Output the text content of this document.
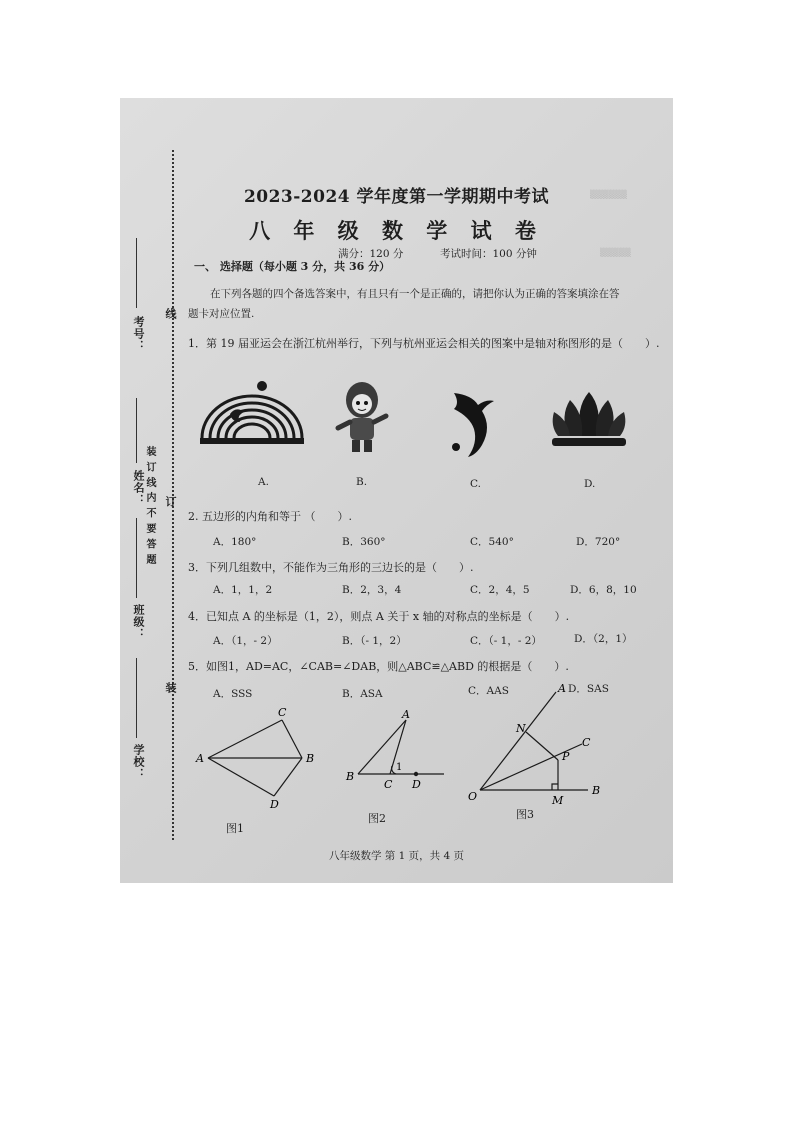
考号：
姓名：
班级：
学校：
装 订 线 内 不 要 答 题
线
订
装
▒▒▒▒▒▒
▒▒▒▒▒
2023-2024 学年度第一学期期中考试
八 年 级 数 学 试 卷
满分：120 分	考试时间：100 分钟
一、 选择题（每小题 3 分，共 36 分）
在下列各题的四个备选答案中，有且只有一个是正确的，请把你认为正确的答案填涂在答
题卡对应位置.
1．第 19 届亚运会在浙江杭州举行，下列与杭州亚运会相关的图案中是轴对称图形的是（　　）.
A.	B.	C.	D.
2. 五边形的内角和等于 （　　）.
A．180°	B．360°	C．540°	D．720°
3．下列几组数中，不能作为三角形的三边长的是（　　）.
A．1，1，2	B．2，3，4	C．2，4，5	D．6，8，10
4．已知点 A 的坐标是（1，2），则点 A 关于 x 轴的对称点的坐标是（　　）.
A．（1，- 2）	B．（- 1，2）	C．（- 1，- 2）	D．（2，1）
5．如图1，AD=AC，∠CAB=∠DAB，则△ABC≌△ABD 的根据是（　　）.
A．SSS	B．ASA	C．AAS	D．SAS
A	B
C
D
图1
A
B
C D
1
图2
A
B
C
O
N
P
M
图3
八年级数学 第 1 页，共 4 页
